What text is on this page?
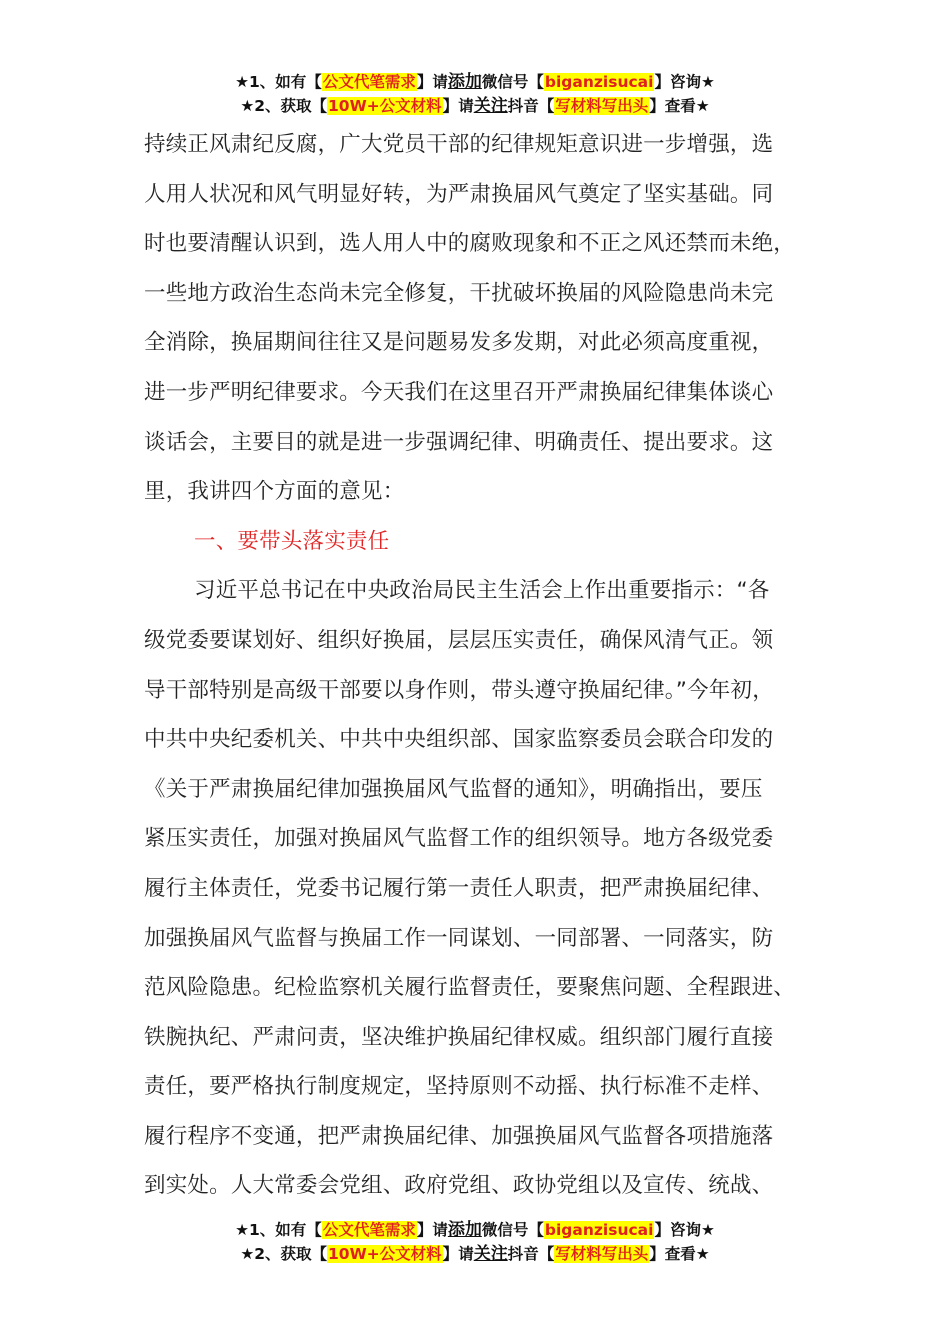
★1、如有【公文代笔需求】请添加微信号【biganzisucai】咨询★
★2、获取【10W+公文材料】请关注抖音【写材料写出头】查看★
持续正风肃纪反腐，广大党员干部的纪律规矩意识进一步增强，选
人用人状况和风气明显好转，为严肃换届风气奠定了坚实基础。同
时也要清醒认识到，选人用人中的腐败现象和不正之风还禁而未绝，
一些地方政治生态尚未完全修复，干扰破坏换届的风险隐患尚未完
全消除，换届期间往往又是问题易发多发期，对此必须高度重视，
进一步严明纪律要求。今天我们在这里召开严肃换届纪律集体谈心
谈话会，主要目的就是进一步强调纪律、明确责任、提出要求。这
里，我讲四个方面的意见：
一、要带头落实责任
习近平总书记在中央政治局民主生活会上作出重要指示：“各
级党委要谋划好、组织好换届，层层压实责任，确保风清气正。领
导干部特别是高级干部要以身作则，带头遵守换届纪律。”今年初，
中共中央纪委机关、中共中央组织部、国家监察委员会联合印发的
《关于严肃换届纪律加强换届风气监督的通知》，明确指出，要压
紧压实责任，加强对换届风气监督工作的组织领导。地方各级党委
履行主体责任，党委书记履行第一责任人职责，把严肃换届纪律、
加强换届风气监督与换届工作一同谋划、一同部署、一同落实，防
范风险隐患。纪检监察机关履行监督责任，要聚焦问题、全程跟进、
铁腕执纪、严肃问责，坚决维护换届纪律权威。组织部门履行直接
责任，要严格执行制度规定，坚持原则不动摇、执行标准不走样、
履行程序不变通，把严肃换届纪律、加强换届风气监督各项措施落
到实处。人大常委会党组、政府党组、政协党组以及宣传、统战、
★1、如有【公文代笔需求】请添加微信号【biganzisucai】咨询★
★2、获取【10W+公文材料】请关注抖音【写材料写出头】查看★
